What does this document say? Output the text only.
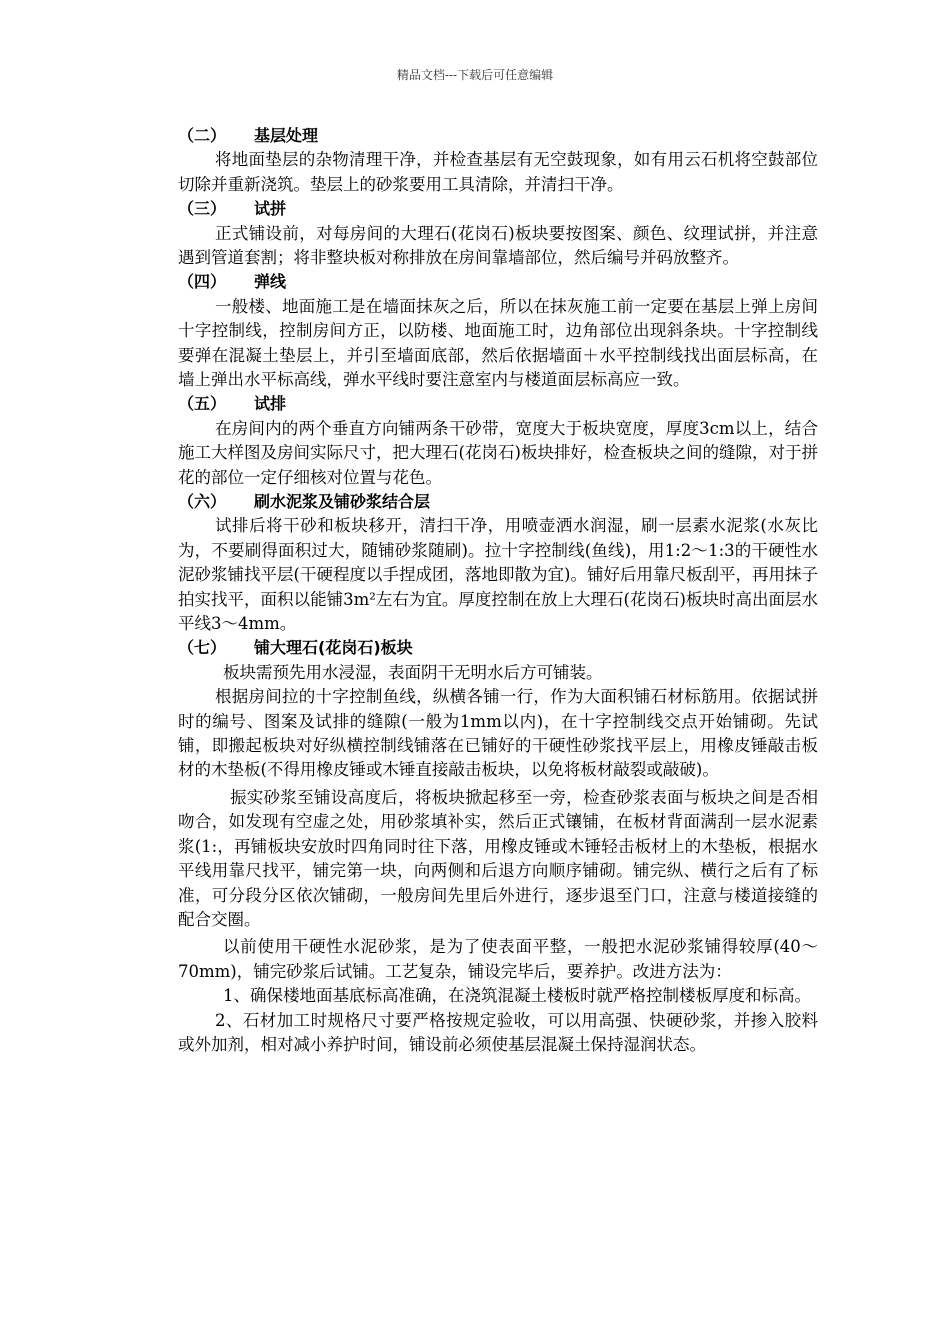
精品文档---下载后可任意编辑
（二） 基层处理
将地面垫层的杂物清理干净，并检查基层有无空鼓现象，如有用云石机将空鼓部位切除并重新浇筑。垫层上的砂浆要用工具清除，并清扫干净。
（三） 试拼
正式铺设前，对每房间的大理石(花岗石)板块要按图案、颜色、纹理试拼，并注意遇到管道套割；将非整块板对称排放在房间靠墙部位，然后编号并码放整齐。
（四） 弹线
一般楼、地面施工是在墙面抹灰之后，所以在抹灰施工前一定要在基层上弹上房间十字控制线，控制房间方正，以防楼、地面施工时，边角部位出现斜条块。十字控制线要弹在混凝土垫层上，并引至墙面底部，然后依据墙面＋水平控制线找出面层标高，在墙上弹出水平标高线，弹水平线时要注意室内与楼道面层标高应一致。
（五） 试排
在房间内的两个垂直方向铺两条干砂带，宽度大于板块宽度，厚度3cm以上，结合施工大样图及房间实际尺寸，把大理石(花岗石)板块排好，检查板块之间的缝隙，对于拼花的部位一定仔细核对位置与花色。
（六） 刷水泥浆及铺砂浆结合层
试排后将干砂和板块移开，清扫干净，用喷壶洒水润湿，刷一层素水泥浆(水灰比为，不要刷得面积过大，随铺砂浆随刷)。拉十字控制线(鱼线)，用1:2～1:3的干硬性水泥砂浆铺找平层(干硬程度以手捏成团，落地即散为宜)。铺好后用靠尺板刮平，再用抹子拍实找平，面积以能铺3m²左右为宜。厚度控制在放上大理石(花岗石)板块时高出面层水平线3～4mm。
（七） 铺大理石(花岗石)板块
板块需预先用水浸湿，表面阴干无明水后方可铺装。
根据房间拉的十字控制鱼线，纵横各铺一行，作为大面积铺石材标筋用。依据试拼时的编号、图案及试排的缝隙(一般为1mm以内)，在十字控制线交点开始铺砌。先试铺，即搬起板块对好纵横控制线铺落在已铺好的干硬性砂浆找平层上，用橡皮锤敲击板材的木垫板(不得用橡皮锤或木锤直接敲击板块，以免将板材敲裂或敲破)。
振实砂浆至铺设高度后，将板块掀起移至一旁，检查砂浆表面与板块之间是否相吻合，如发现有空虚之处，用砂浆填补实，然后正式镶铺，在板材背面满刮一层水泥素浆(1:，再铺板块安放时四角同时往下落，用橡皮锤或木锤轻击板材上的木垫板，根据水平线用靠尺找平，铺完第一块，向两侧和后退方向顺序铺砌。铺完纵、横行之后有了标准，可分段分区依次铺砌，一般房间先里后外进行，逐步退至门口，注意与楼道接缝的配合交圈。
以前使用干硬性水泥砂浆，是为了使表面平整，一般把水泥砂浆铺得较厚(40～70mm)，铺完砂浆后试铺。工艺复杂，铺设完毕后，要养护。改进方法为：
1、确保楼地面基底标高准确，在浇筑混凝土楼板时就严格控制楼板厚度和标高。
2、石材加工时规格尺寸要严格按规定验收，可以用高强、快硬砂浆，并掺入胶料或外加剂，相对减小养护时间，铺设前必须使基层混凝土保持湿润状态。
